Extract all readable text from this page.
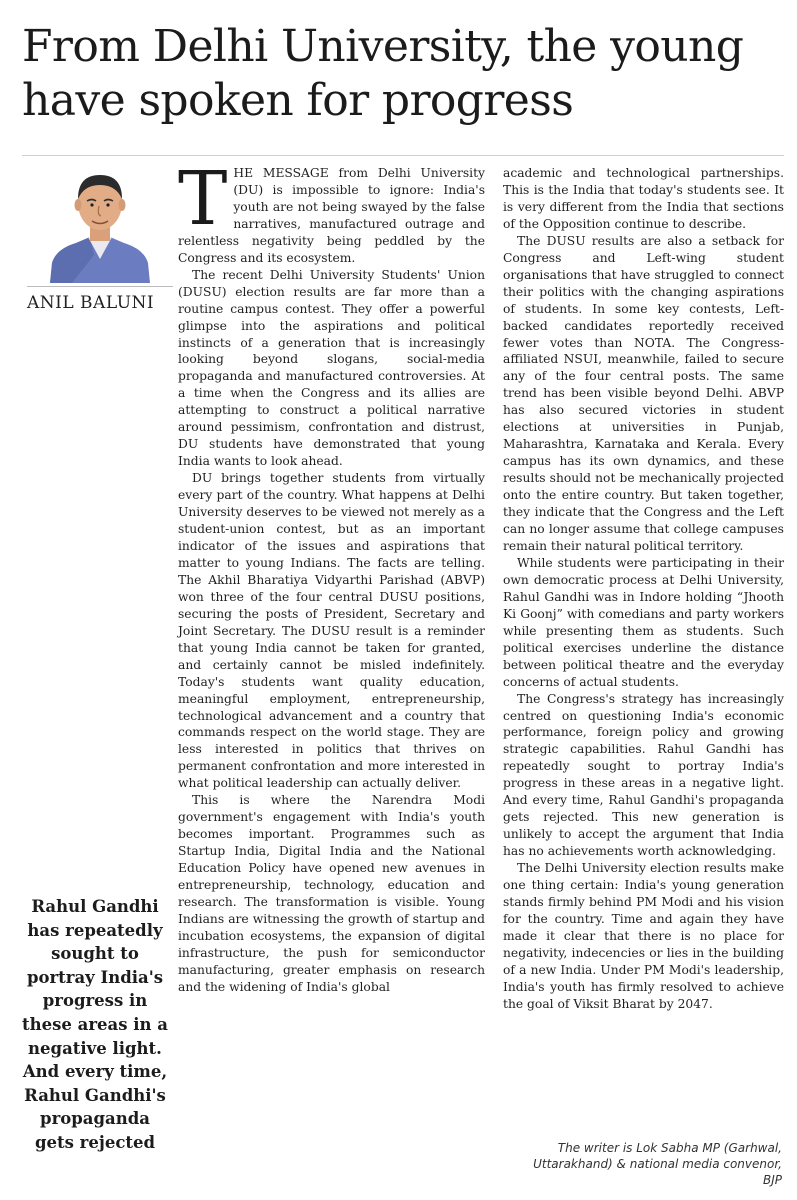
From Delhi University, the young have spoken for progress
ANIL BALUNI
Rahul Gandhi has repeatedly sought to portray India's progress in these areas in a negative light. And every time, Rahul Gandhi's propaganda gets rejected

THE MESSAGE from Delhi University (DU) is impossible to ignore: India's youth are not being swayed by the false narratives, manufactured outrage and relentless negativity being peddled by the Congress and its ecosystem.

The recent Delhi University Students' Union (DUSU) election results are far more than a routine campus contest. They offer a powerful glimpse into the aspirations and political instincts of a generation that is increasingly looking beyond slogans, social-media propaganda and manufactured controversies. At a time when the Congress and its allies are attempting to construct a political narrative around pessimism, confrontation and distrust, DU students have demonstrated that young India wants to look ahead.

DU brings together students from virtually every part of the country. What happens at Delhi University deserves to be viewed not merely as a student-union contest, but as an important indicator of the issues and aspirations that matter to young Indians. The facts are telling. The Akhil Bharatiya Vidyarthi Parishad (ABVP) won three of the four central DUSU positions, securing the posts of President, Secretary and Joint Secretary. The DUSU result is a reminder that young India cannot be taken for granted, and certainly cannot be misled indefinitely. Today's students want quality education, meaningful employment, entrepreneurship, technological advancement and a country that commands respect on the world stage. They are less interested in politics that thrives on permanent confrontation and more interested in what political leadership can actually deliver.

This is where the Narendra Modi government's engagement with India's youth becomes important. Programmes such as Startup India, Digital India and the National Education Policy have opened new avenues in entrepreneurship, technology, education and research. The transformation is visible. Young Indians are witnessing the growth of startup and incubation ecosystems, the expansion of digital infrastructure, the push for semiconductor manufacturing, greater emphasis on research and the widening of India's global

academic and technological partnerships. This is the India that today's students see. It is very different from the India that sections of the Opposition continue to describe.

The DUSU results are also a setback for Congress and Left-wing student organisations that have struggled to connect their politics with the changing aspirations of students. In some key contests, Left-backed candidates reportedly received fewer votes than NOTA. The Congress-affiliated NSUI, meanwhile, failed to secure any of the four central posts. The same trend has been visible beyond Delhi. ABVP has also secured victories in student elections at universities in Punjab, Maharashtra, Karnataka and Kerala. Every campus has its own dynamics, and these results should not be mechanically projected onto the entire country. But taken together, they indicate that the Congress and the Left can no longer assume that college campuses remain their natural political territory.

While students were participating in their own democratic process at Delhi University, Rahul Gandhi was in Indore holding “Jhooth Ki Goonj” with comedians and party workers while presenting them as students. Such political exercises underline the distance between political theatre and the everyday concerns of actual students.

The Congress's strategy has increasingly centred on questioning India's economic performance, foreign policy and growing strategic capabilities. Rahul Gandhi has repeatedly sought to portray India's progress in these areas in a negative light. And every time, Rahul Gandhi's propaganda gets rejected. This new generation is unlikely to accept the argument that India has no achievements worth acknowledging.

The Delhi University election results make one thing certain: India's young generation stands firmly behind PM Modi and his vision for the country. Time and again they have made it clear that there is no place for negativity, indecencies or lies in the building of a new India. Under PM Modi's leadership, India's youth has firmly resolved to achieve the goal of Viksit Bharat by 2047.

The writer is Lok Sabha MP (Garhwal, Uttarakhand) & national media convenor, BJP
